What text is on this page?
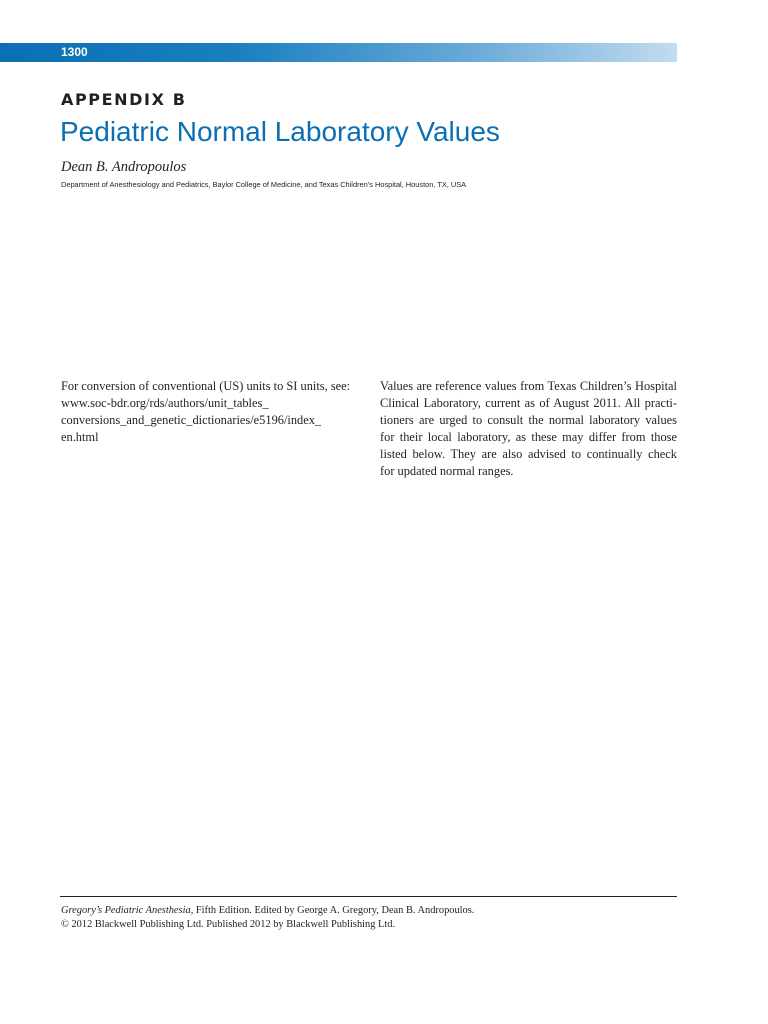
1300
APPENDIX B
Pediatric Normal Laboratory Values
Dean B. Andropoulos
Department of Anesthesiology and Pediatrics, Baylor College of Medicine, and Texas Children’s Hospital, Houston, TX, USA
For conversion of conventional (US) units to SI units, see:
www.soc-bdr.org/rds/authors/unit_tables_
conversions_and_genetic_dictionaries/e5196/index_
en.html
Values are reference values from Texas Children’s Hospital
Clinical Laboratory, current as of August 2011. All practi-
tioners are urged to consult the normal laboratory values
for their local laboratory, as these may differ from those
listed below. They are also advised to continually check
for updated normal ranges.
Gregory’s Pediatric Anesthesia, Fifth Edition. Edited by George A. Gregory, Dean B. Andropoulos.
© 2012 Blackwell Publishing Ltd. Published 2012 by Blackwell Publishing Ltd.
